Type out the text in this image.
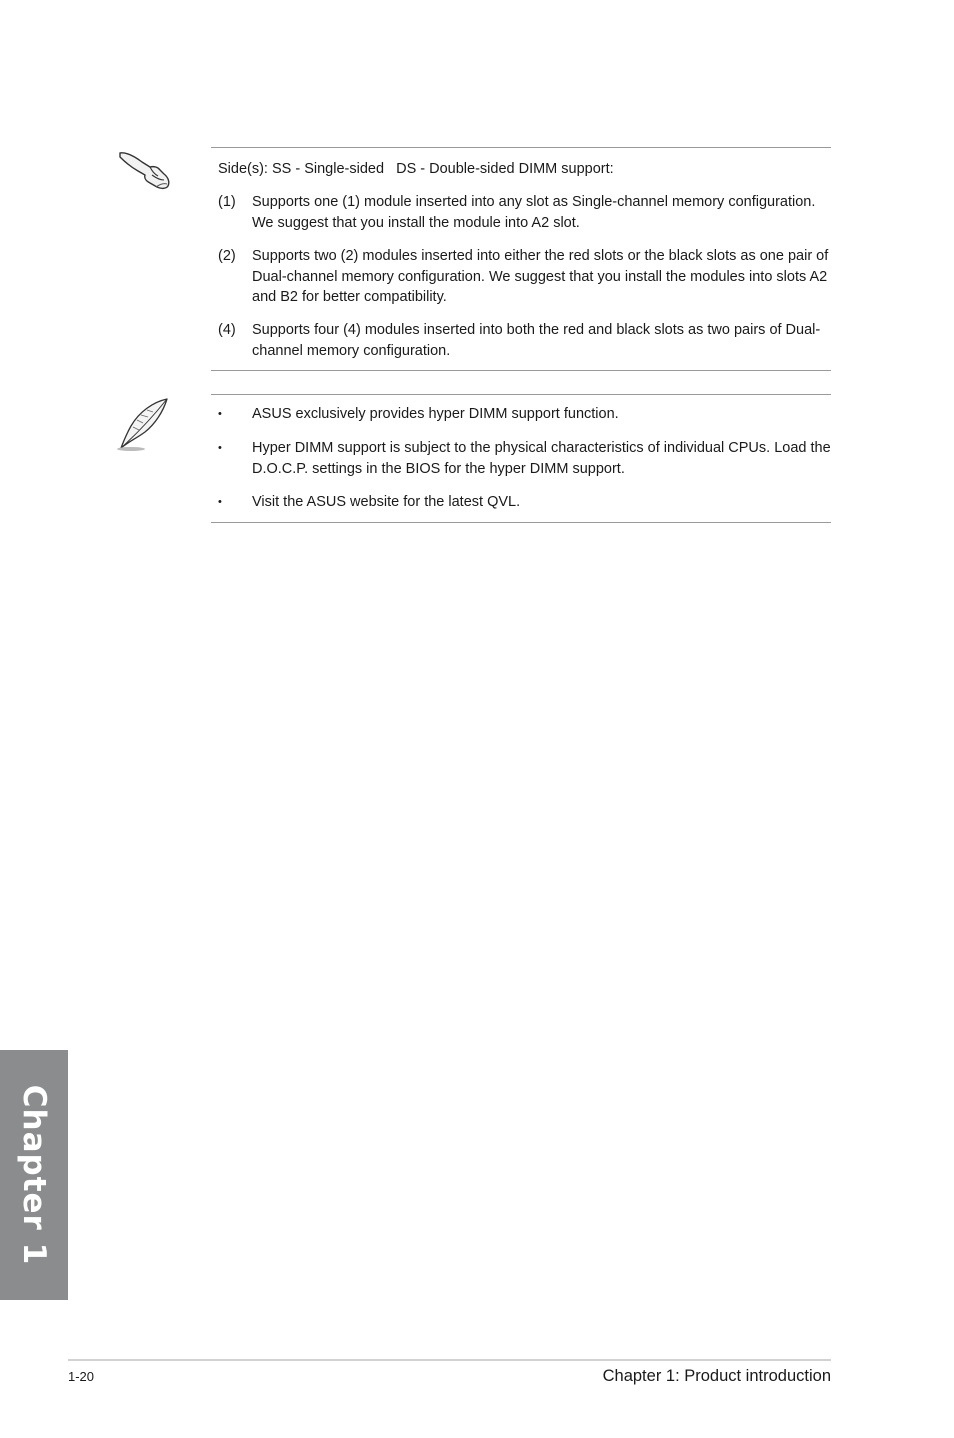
Side(s): SS - Single-sided   DS - Double-sided DIMM support:
(1) Supports one (1) module inserted into any slot as Single-channel memory configuration. We suggest that you install the module into A2 slot.
(2) Supports two (2) modules inserted into either the red slots or the black slots as one pair of Dual-channel memory configuration. We suggest that you install the modules into slots A2 and B2 for better compatibility.
(4) Supports four (4) modules inserted into both the red and black slots as two pairs of Dual-channel memory configuration.
• ASUS exclusively provides hyper DIMM support function.
• Hyper DIMM support is subject to the physical characteristics of individual CPUs. Load the D.O.C.P. settings in the BIOS for the hyper DIMM support.
• Visit the ASUS website for the latest QVL.
Chapter 1
1-20	Chapter 1: Product introduction
